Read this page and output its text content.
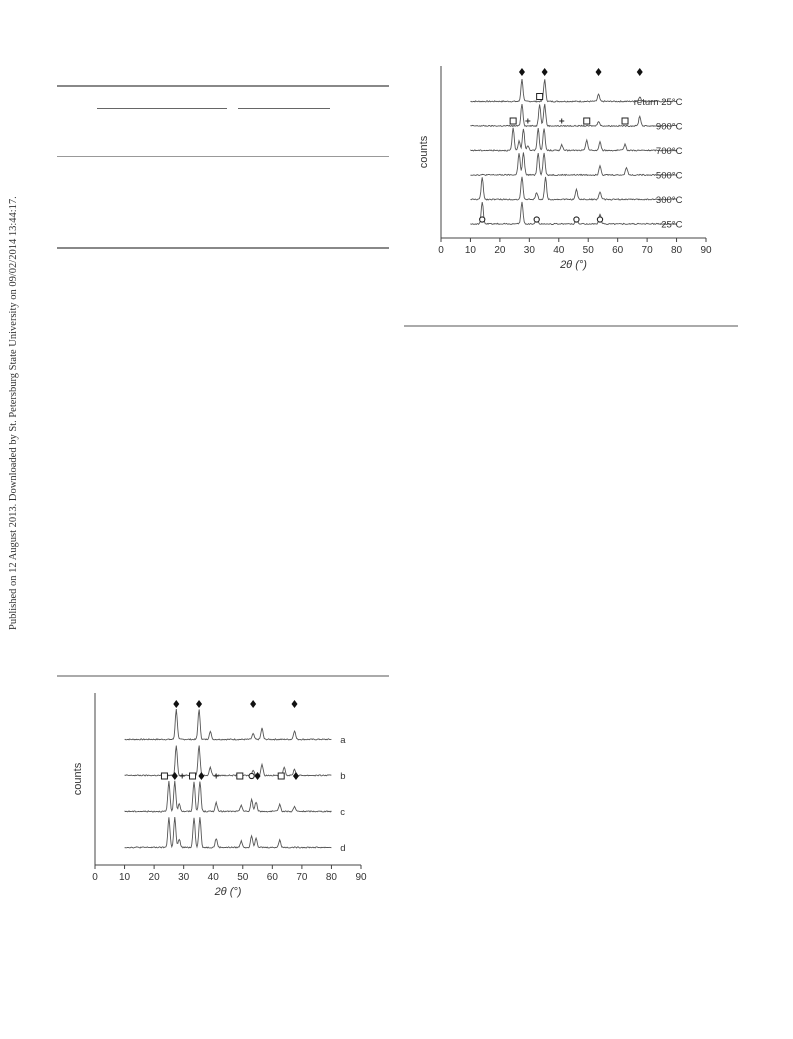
Published on 12 August 2013. Downloaded by St. Petersburg State University on 09/02/2014 13:44:17.	0 10 20 30 40 50 60 70 80 90
2θ (°)
counts
return 25°C
900°C
700°C
500°C
300°C
25°C
0 10 20 30 40 50 60 70 80 90
2θ (°)
counts
a
b
c
d
